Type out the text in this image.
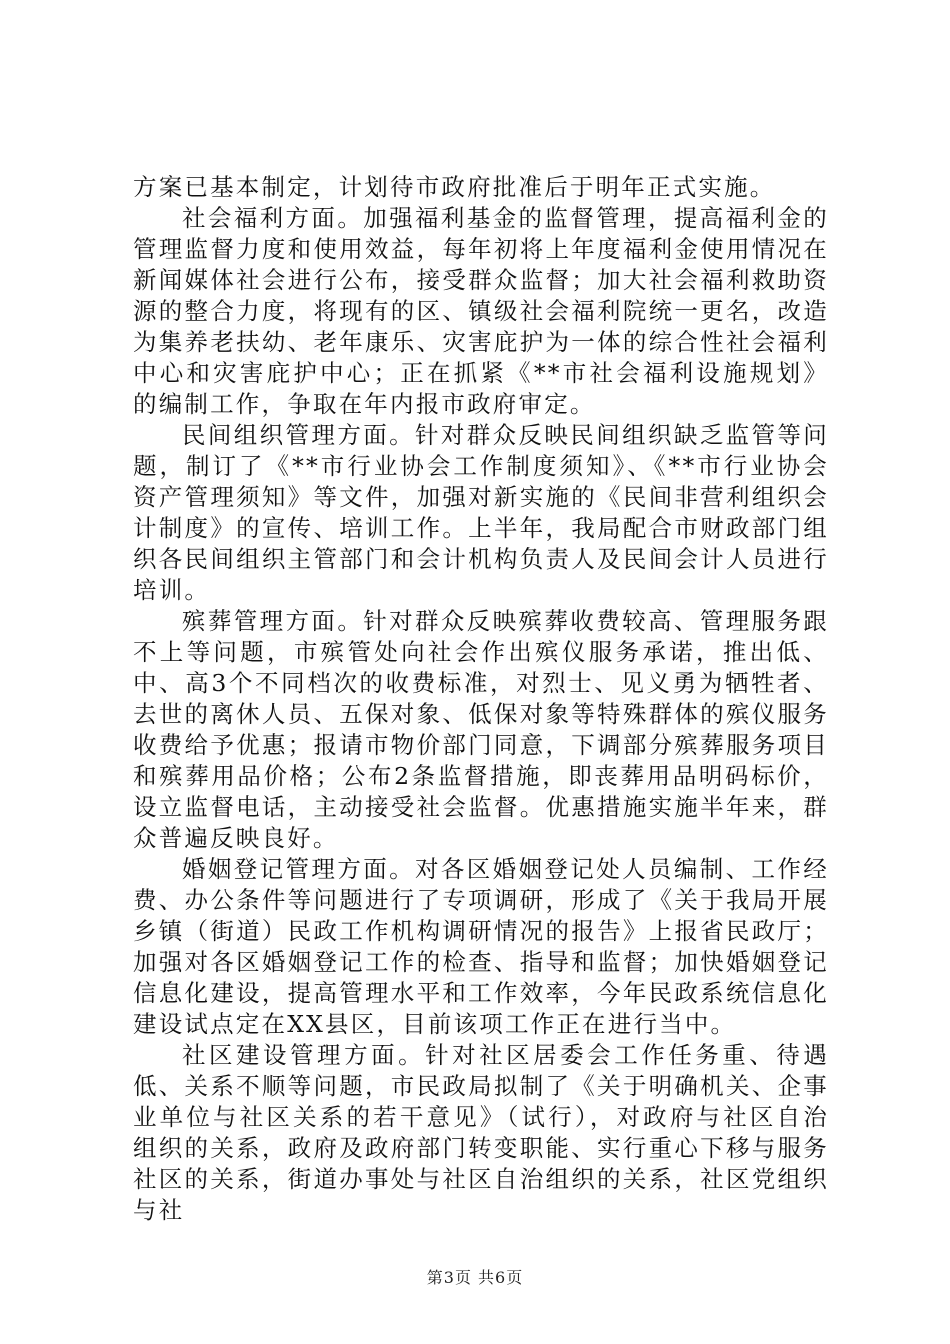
方案已基本制定，计划待市政府批准后于明年正式实施。

社会福利方面。加强福利基金的监督管理，提高福利金的管理监督力度和使用效益，每年初将上年度福利金使用情况在新闻媒体社会进行公布，接受群众监督；加大社会福利救助资源的整合力度，将现有的区、镇级社会福利院统一更名，改造为集养老扶幼、老年康乐、灾害庇护为一体的综合性社会福利中心和灾害庇护中心；正在抓紧《**市社会福利设施规划》的编制工作，争取在年内报市政府审定。

民间组织管理方面。针对群众反映民间组织缺乏监管等问题，制订了《**市行业协会工作制度须知》、《**市行业协会资产管理须知》等文件，加强对新实施的《民间非营利组织会计制度》的宣传、培训工作。上半年，我局配合市财政部门组织各民间组织主管部门和会计机构负责人及民间会计人员进行培训。

殡葬管理方面。针对群众反映殡葬收费较高、管理服务跟不上等问题，市殡管处向社会作出殡仪服务承诺，推出低、中、高3个不同档次的收费标准，对烈士、见义勇为牺牲者、去世的离休人员、五保对象、低保对象等特殊群体的殡仪服务收费给予优惠；报请市物价部门同意，下调部分殡葬服务项目和殡葬用品价格；公布2条监督措施，即丧葬用品明码标价，设立监督电话，主动接受社会监督。优惠措施实施半年来，群众普遍反映良好。

婚姻登记管理方面。对各区婚姻登记处人员编制、工作经费、办公条件等问题进行了专项调研，形成了《关于我局开展乡镇（街道）民政工作机构调研情况的报告》上报省民政厅；加强对各区婚姻登记工作的检查、指导和监督；加快婚姻登记信息化建设，提高管理水平和工作效率，今年民政系统信息化建设试点定在XX县区，目前该项工作正在进行当中。

社区建设管理方面。针对社区居委会工作任务重、待遇低、关系不顺等问题，市民政局拟制了《关于明确机关、企事业单位与社区关系的若干意见》（试行），对政府与社区自治组织的关系，政府及政府部门转变职能、实行重心下移与服务社区的关系，街道办事处与社区自治组织的关系，社区党组织与社

第3页 共6页
